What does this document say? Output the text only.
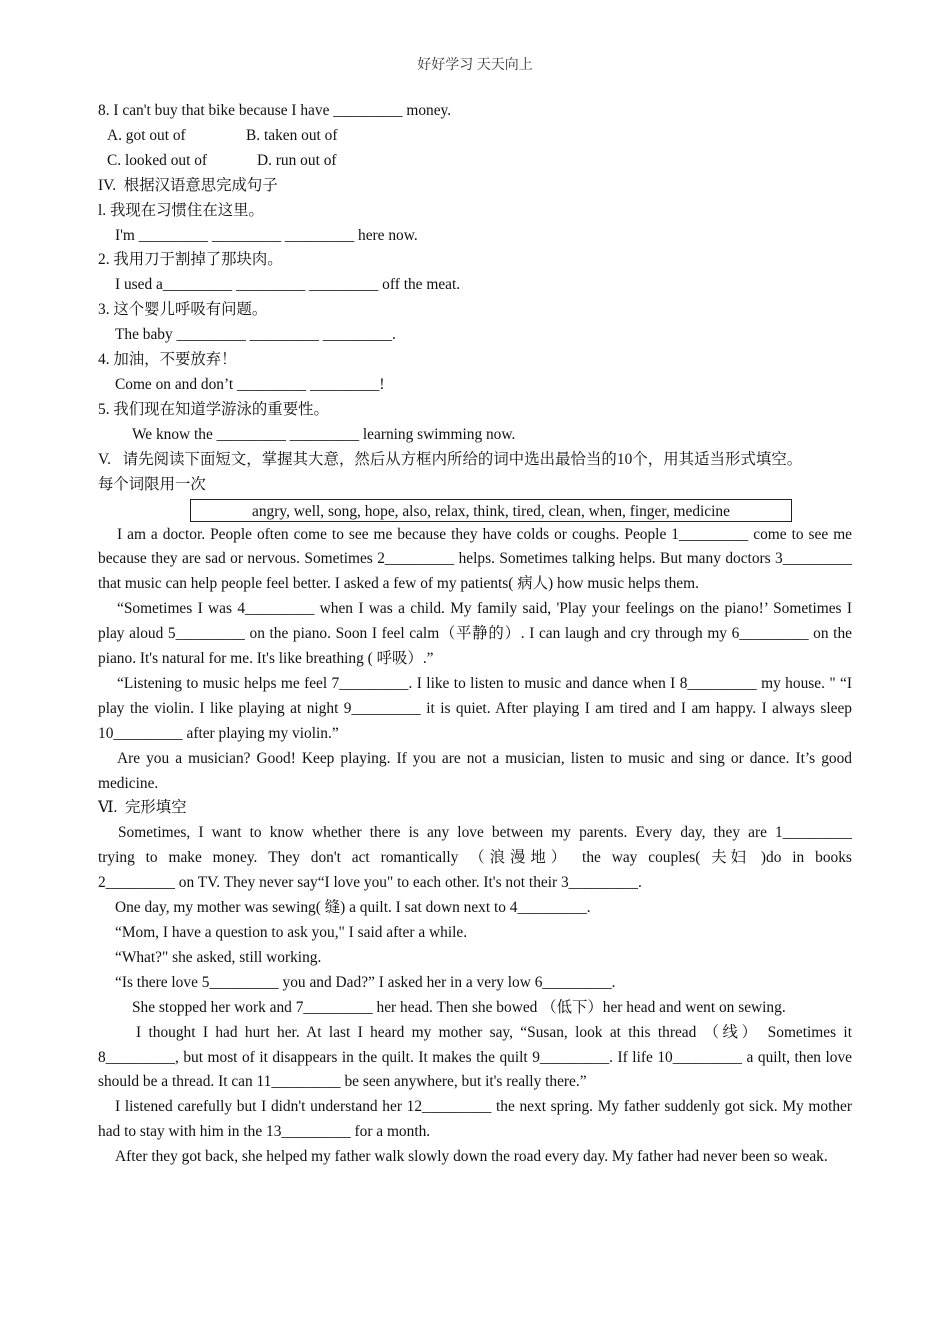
好好学习 天天向上
8. I can't buy that bike because I have _________ money.
A. got out of	B. taken out of
C. looked out of	D. run out of
IV.  根据汉语意思完成句子
l. 我现在习惯住在这里。
I'm _________ _________ _________ here now.
2. 我用刀于割掉了那块肉。
I used a_________ _________ _________ off the meat.
3. 这个婴儿呼吸有问题。
The baby _________ _________ _________.
4. 加油，不要放弃！
Come on and don’t _________ _________!
5. 我们现在知道学游泳的重要性。
We know the _________ _________ learning swimming now.
V.   请先阅读下面短文，掌握其大意，然后从方框内所给的词中选出最恰当的10个，用其适当形式填空。
每个词限用一次
angry, well, song, hope, also, relax, think, tired, clean, when, finger, medicine
I am a doctor. People often come to see me because they have colds or coughs. People 1_________ come to see me because they are sad or nervous. Sometimes 2_________ helps. Sometimes talking helps. But many doctors 3_________ that music can help people feel better. I asked a few of my patients( 病人) how music helps them.
“Sometimes I was 4_________ when I was a child. My family said, 'Play your feelings on the piano!’ Sometimes I play aloud 5_________ on the piano. Soon I feel calm（平静的）. I can laugh and cry through my 6_________ on the piano. It's natural for me. It's like breathing ( 呼吸）.”
“Listening to music helps me feel 7_________. I like to listen to music and dance when I 8_________ my house. " “I play the violin. I like playing at night 9_________ it is quiet. After playing I am tired and I am happy. I always sleep 10_________ after playing my violin.”
Are you a musician? Good! Keep playing. If you are not a musician, listen to music and sing or dance. It’s good medicine.
Ⅵ.  完形填空
Sometimes, I want to know whether there is any love between my parents. Every day, they are 1_________
trying to make money. They don't act romantically （浪漫地） the way couples( 夫妇 )do in books
2_________ on TV. They never say“I love you" to each other. It's not their 3_________.
One day, my mother was sewing( 缝) a quilt. I sat down next to 4_________.
“Mom, I have a question to ask you," I said after a while.
“What?" she asked, still working.
“Is there love 5_________ you and Dad?” I asked her in a very low 6_________.
She stopped her work and 7_________ her head. Then she bowed （低下）her head and went on sewing.
I thought I had hurt her. At last I heard my mother say, “Susan, look at this thread （线） Sometimes it 8_________, but most of it disappears in the quilt. It makes the quilt 9_________. If life 10_________ a quilt, then love should be a thread. It can 11_________ be seen anywhere, but it's really there.”
I listened carefully but I didn't understand her 12_________ the next spring. My father suddenly got sick. My mother had to stay with him in the 13_________ for a month.
After they got back, she helped my father walk slowly down the road every day. My father had never been so weak.
